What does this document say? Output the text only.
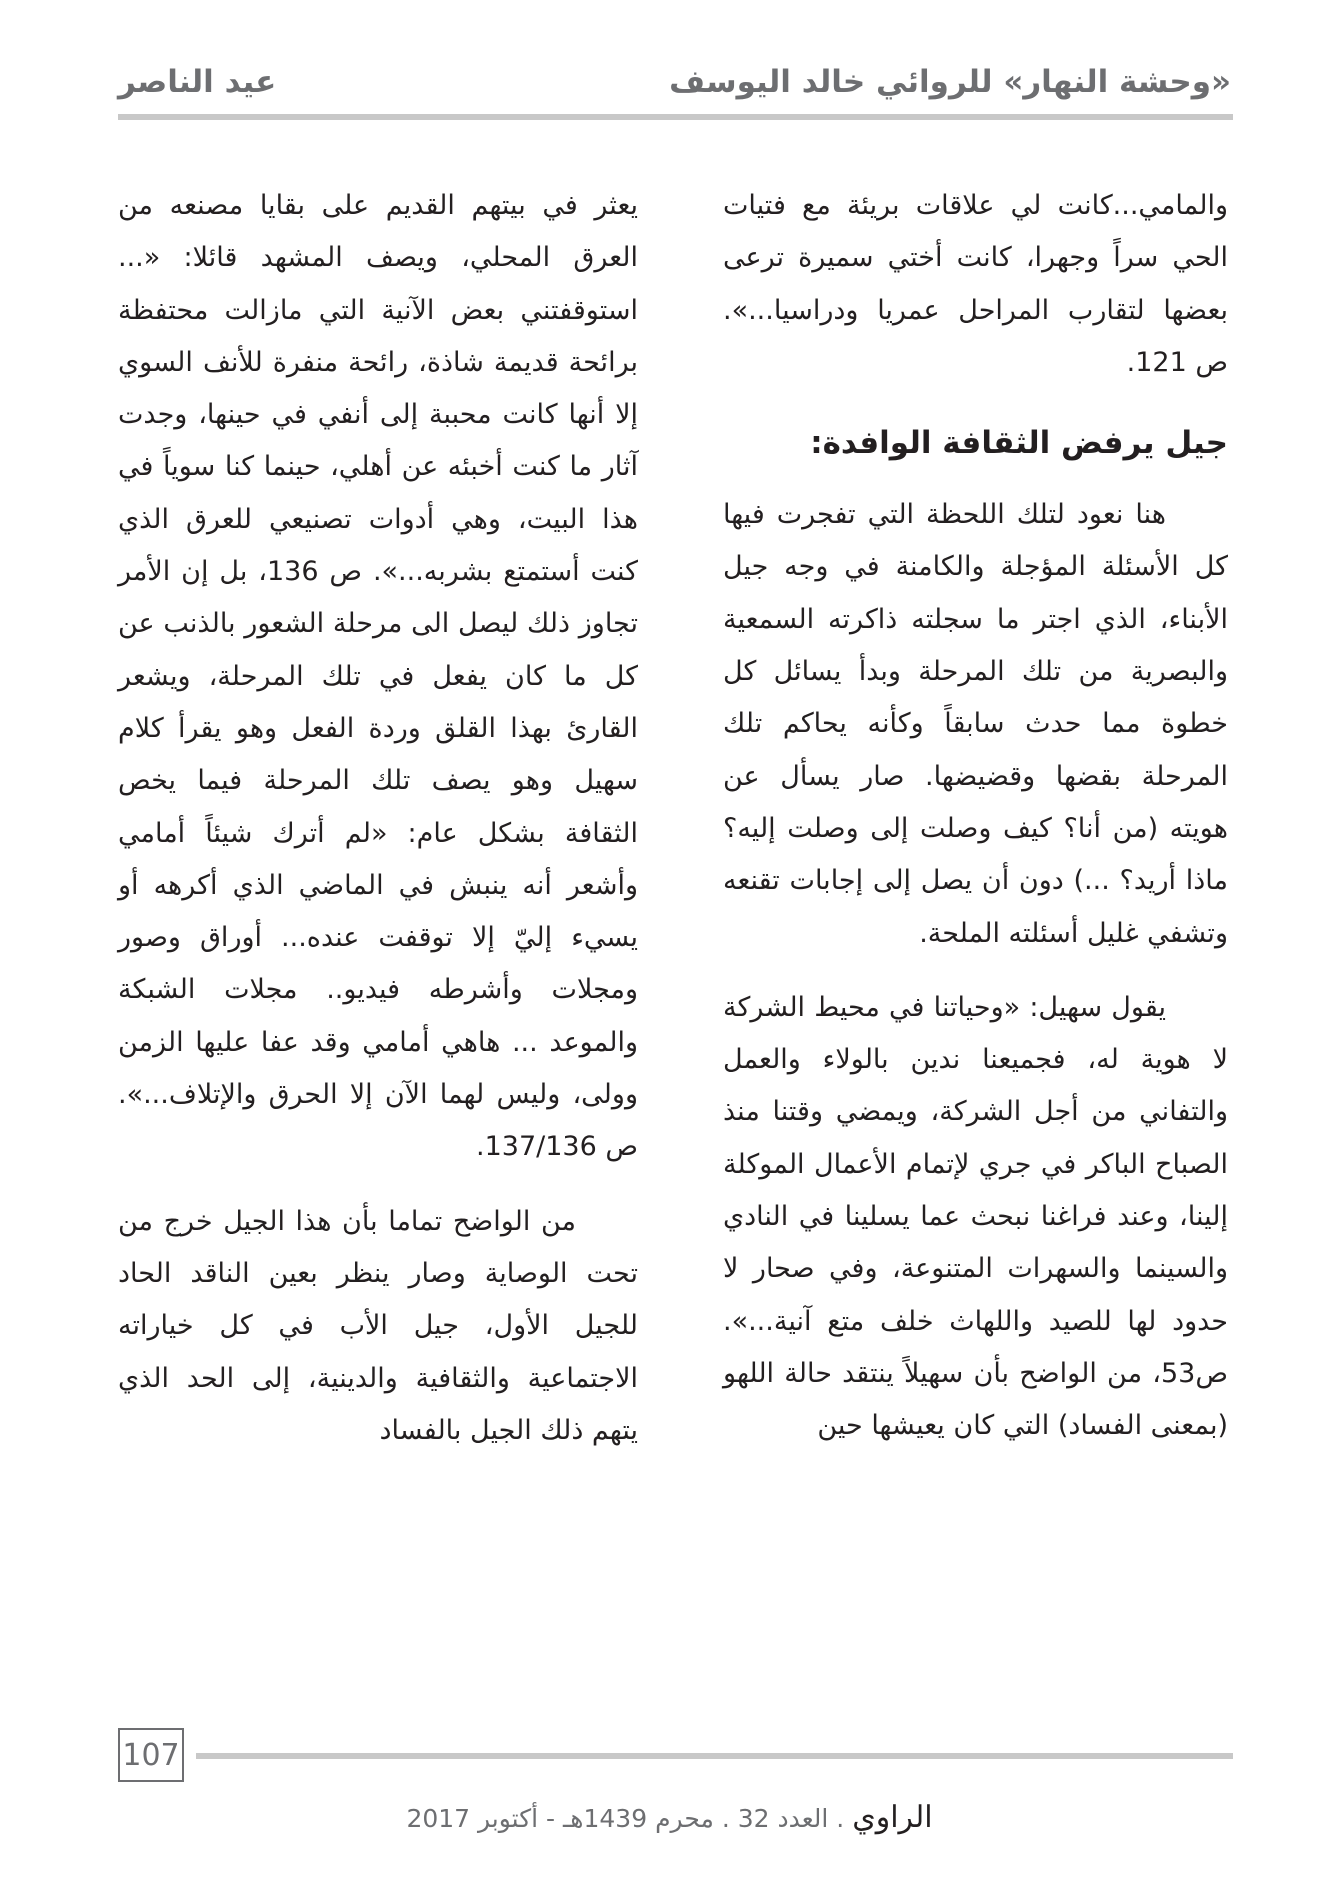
«وحشة النهار» للروائي خالد اليوسف
عيد الناصر

والمامي...كانت لي علاقات بريئة مع فتيات الحي سراً وجهرا، كانت أختي سميرة ترعى بعضها لتقارب المراحل عمريا ودراسيا...». ص 121.

جيل يرفض الثقافة الوافدة:

هنا نعود لتلك اللحظة التي تفجرت فيها كل الأسئلة المؤجلة والكامنة في وجه جيل الأبناء، الذي اجتر ما سجلته ذاكرته السمعية والبصرية من تلك المرحلة وبدأ يسائل كل خطوة مما حدث سابقاً وكأنه يحاكم تلك المرحلة بقضها وقضيضها. صار يسأل عن هويته (من أنا؟ كيف وصلت إلى وصلت إليه؟ ماذا أريد؟ ...) دون أن يصل إلى إجابات تقنعه وتشفي غليل أسئلته الملحة.

يقول سهيل: «وحياتنا في محيط الشركة لا هوية له، فجميعنا ندين بالولاء والعمل والتفاني من أجل الشركة، ويمضي وقتنا منذ الصباح الباكر في جري لإتمام الأعمال الموكلة إلينا، وعند فراغنا نبحث عما يسلينا في النادي والسينما والسهرات المتنوعة، وفي صحار لا حدود لها للصيد واللهاث خلف متع آنية...». ص53، من الواضح بأن سهيلاً ينتقد حالة اللهو (بمعنى الفساد) التي كان يعيشها حين

يعثر في بيتهم القديم على بقايا مصنعه من العرق المحلي، ويصف المشهد قائلا: «... استوقفتني بعض الآنية التي مازالت محتفظة برائحة قديمة شاذة، رائحة منفرة للأنف السوي إلا أنها كانت محببة إلى أنفي في حينها، وجدت آثار ما كنت أخبئه عن أهلي، حينما كنا سوياً في هذا البيت، وهي أدوات تصنيعي للعرق الذي كنت أستمتع بشربه...». ص 136، بل إن الأمر تجاوز ذلك ليصل الى مرحلة الشعور بالذنب عن كل ما كان يفعل في تلك المرحلة، ويشعر القارئ بهذا القلق وردة الفعل وهو يقرأ كلام سهيل وهو يصف تلك المرحلة فيما يخص الثقافة بشكل عام: «لم أترك شيئاً أمامي وأشعر أنه ينبش في الماضي الذي أكرهه أو يسيء إليّ إلا توقفت عنده... أوراق وصور ومجلات وأشرطه فيديو.. مجلات الشبكة والموعد ... هاهي أمامي وقد عفا عليها الزمن وولى، وليس لهما الآن إلا الحرق والإتلاف...». ص 137/136.

من الواضح تماما بأن هذا الجيل خرج من تحت الوصاية وصار ينظر بعين الناقد الحاد للجيل الأول، جيل الأب في كل خياراته الاجتماعية والثقافية والدينية، إلى الحد الذي يتهم ذلك الجيل بالفساد

107
الراوي . العدد 32 . محرم 1439هـ - أكتوبر 2017
